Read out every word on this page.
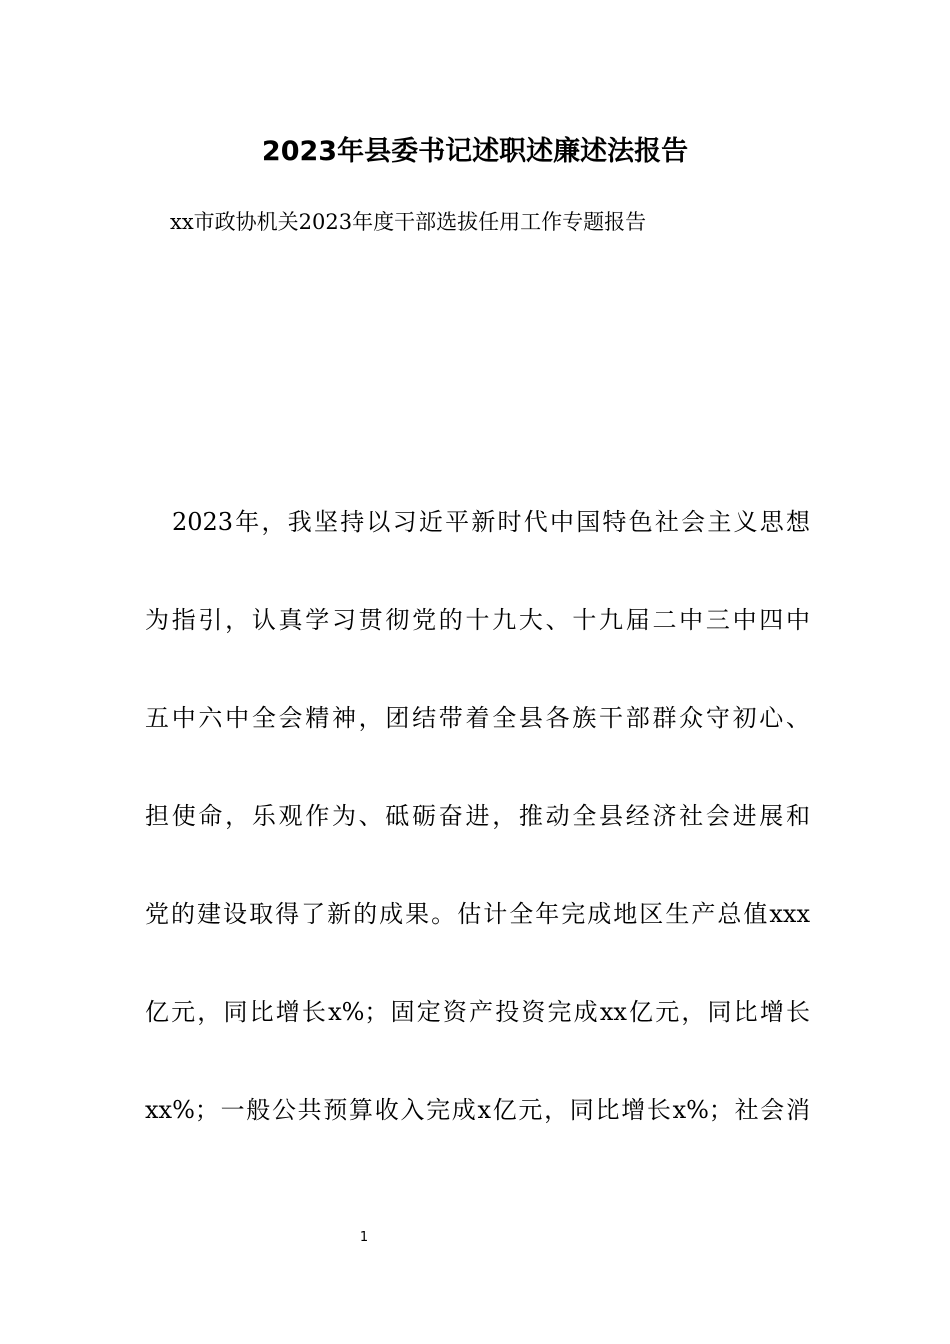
2023年县委书记述职述廉述法报告
xx市政协机关2023年度干部选拔任用工作专题报告
2023年，我坚持以习近平新时代中国特色社会主义思想
为指引，认真学习贯彻党的十九大、十九届二中三中四中
五中六中全会精神，团结带着全县各族干部群众守初心、
担使命，乐观作为、砥砺奋进，推动全县经济社会进展和
党的建设取得了新的成果。估计全年完成地区生产总值xxx
亿元，同比增长x%；固定资产投资完成xx亿元，同比增长
xx%；一般公共预算收入完成x亿元，同比增长x%；社会消
1
